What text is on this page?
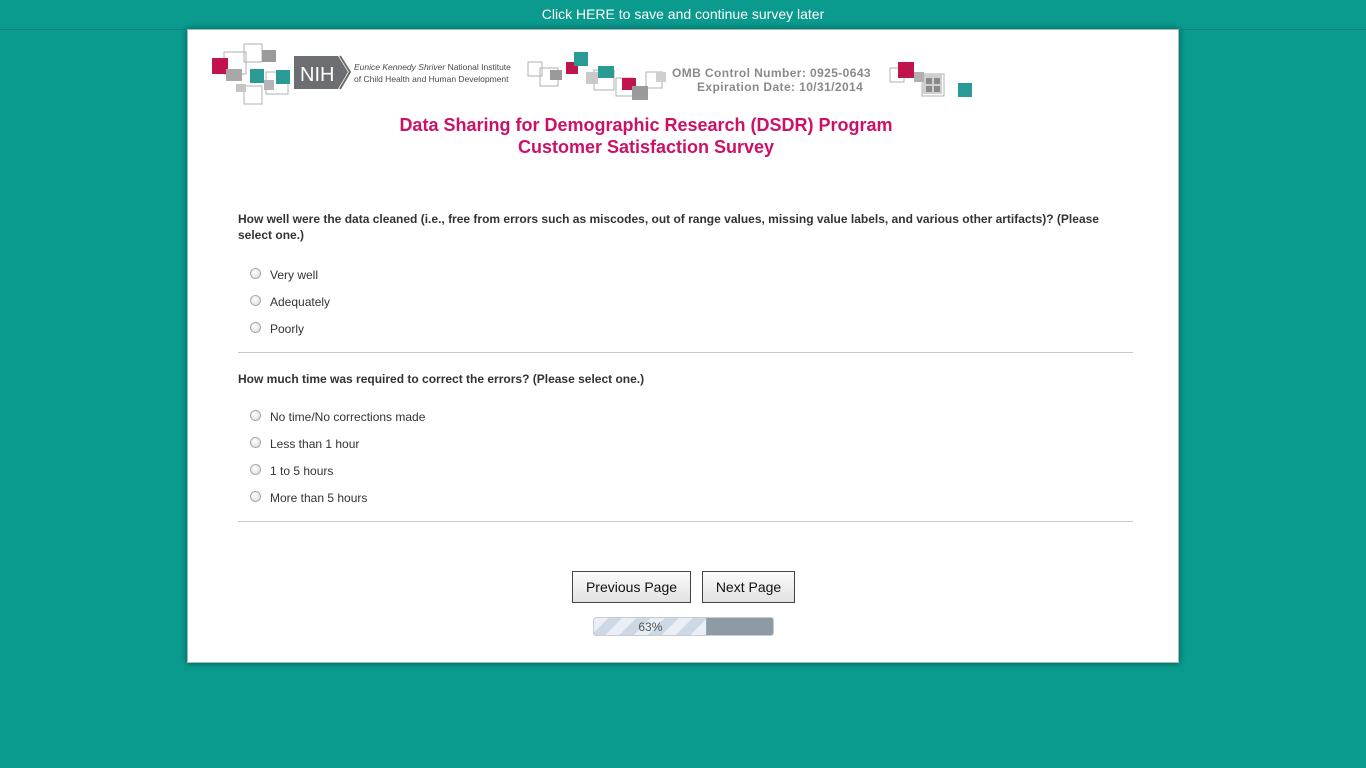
Click HERE to save and continue survey later
NIH Eunice Kennedy Shriver National Institute
of Child Health and Human Development	OMB Control Number: 0925-0643
Expiration Date: 10/31/2014
Data Sharing for Demographic Research (DSDR) Program
Customer Satisfaction Survey
How well were the data cleaned (i.e., free from errors such as miscodes, out of range values, missing value labels, and various other artifacts)? (Please select one.)
Very well
Adequately
Poorly
How much time was required to correct the errors? (Please select one.)
No time/No corrections made
Less than 1 hour
1 to 5 hours
More than 5 hours
Previous Page	Next Page
63%
